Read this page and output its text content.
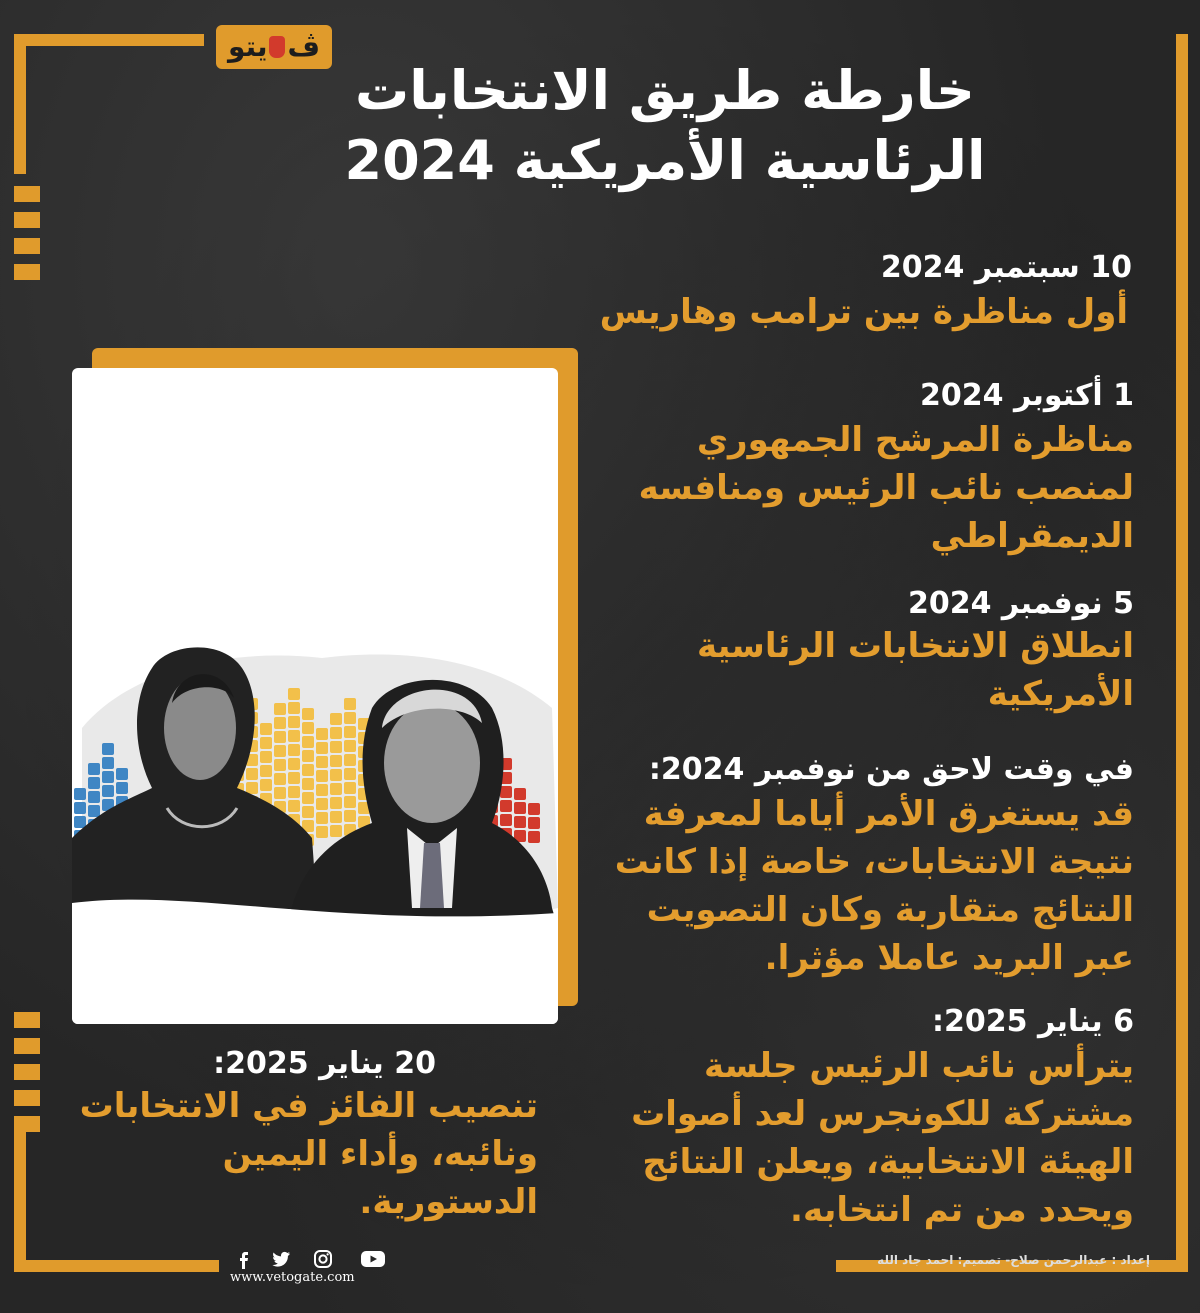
يتو ڤ
خارطة طريق الانتخابات
الرئاسية الأمريكية 2024
10 سبتمبر 2024
أول مناظرة بين ترامب وهاريس
1 أكتوبر 2024
مناظرة المرشح الجمهوري
لمنصب نائب الرئيس ومنافسه
الديمقراطي
5 نوفمبر 2024
انطلاق الانتخابات الرئاسية
الأمريكية
في وقت لاحق من نوفمبر 2024:
قد يستغرق الأمر أياما لمعرفة
نتيجة الانتخابات، خاصة إذا كانت
النتائج متقاربة وكان التصويت
عبر البريد عاملا مؤثرا.
6 يناير 2025:
يترأس نائب الرئيس جلسة
مشتركة للكونجرس لعد أصوات
الهيئة الانتخابية، ويعلن النتائج
ويحدد من تم انتخابه.
20 يناير 2025:
تنصيب الفائز في الانتخابات
ونائبه، وأداء اليمين
الدستورية.
إعداد : عبدالرحمن صلاح- تصميم: احمد جاد الله
www.vetogate.com
